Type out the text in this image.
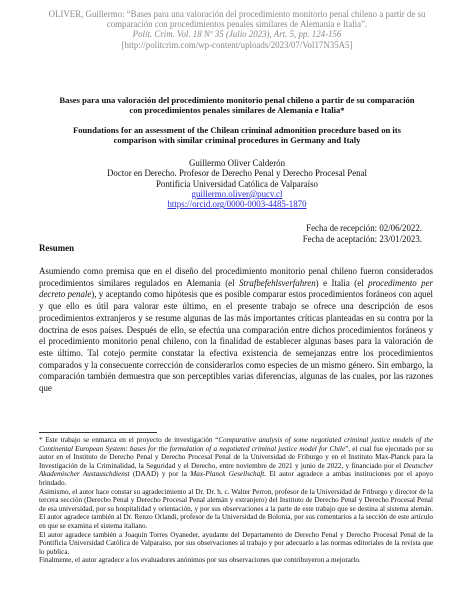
OLIVER, Guillermo: “Bases para una valoración del procedimiento monitorio penal chileno a partir de su comparación con procedimientos penales similares de Alemania e Italia”.
Polít. Crim. Vol. 18 Nº 35 (Julio 2023), Art. 5, pp. 124-156
[http://politcrim.com/wp-content/uploads/2023/07/Vol17N35A5]
Bases para una valoración del procedimiento monitorio penal chileno a partir de su comparación con procedimientos penales similares de Alemania e Italia*
Foundations for an assessment of the Chilean criminal admonition procedure based on its comparison with similar criminal procedures in Germany and Italy
Guillermo Oliver Calderón
Doctor en Derecho. Profesor de Derecho Penal y Derecho Procesal Penal
Pontificia Universidad Católica de Valparaíso
guillermo.oliver@pucv.cl
https://orcid.org/0000-0003-4485-1870
Fecha de recepción: 02/06/2022.
Fecha de aceptación: 23/01/2023.
Resumen
Asumiendo como premisa que en el diseño del procedimiento monitorio penal chileno fueron considerados procedimientos similares regulados en Alemania (el Strafbefehlsverfahren) e Italia (el procedimento per decreto penale), y aceptando como hipótesis que es posible comparar estos procedimientos foráneos con aquel y que ello es útil para valorar este último, en el presente trabajo se ofrece una descripción de esos procedimientos extranjeros y se resume algunas de las más importantes críticas planteadas en su contra por la doctrina de esos países. Después de ello, se efectúa una comparación entre dichos procedimientos foráneos y el procedimiento monitorio penal chileno, con la finalidad de establecer algunas bases para la valoración de este último. Tal cotejo permite constatar la efectiva existencia de semejanzas entre los procedimientos comparados y la consecuente corrección de considerarlos como especies de un mismo género. Sin embargo, la comparación también demuestra que son perceptibles varias diferencias, algunas de las cuales, por las razones que

* Este trabajo se enmarca en el proyecto de investigación “Comparative analysis of some negotiated criminal justice models of the Continental European System: bases for the formulation of a negotiated criminal justice model for Chile”, el cual fue ejecutado por su autor en el Instituto de Derecho Penal y Derecho Procesal Penal de la Universidad de Friburgo y en el Instituto Max-Planck para la Investigación de la Criminalidad, la Seguridad y el Derecho, entre noviembre de 2021 y junio de 2022, y financiado por el Deutscher Akademischer Austauschdienst (DAAD) y por la Max-Planck Gesellschaft. El autor agradece a ambas instituciones por el apoyo brindado.

Asimismo, el autor hace constar su agradecimiento al Dr. Dr. h. c. Walter Perron, profesor de la Universidad de Friburgo y director de la tercera sección (Derecho Penal y Derecho Procesal Penal alemán y extranjero) del Instituto de Derecho Penal y Derecho Procesal Penal de esa universidad, por su hospitalidad y orientación, y por sus observaciones a la parte de este trabajo que se destina al sistema alemán. El autor agradece también al Dr. Renzo Orlandi, profesor de la Universidad de Bolonia, por sus comentarios a la sección de este artículo en que se examina el sistema italiano.

El autor agradece también a Joaquín Torres Oyaneder, ayudante del Departamento de Derecho Penal y Derecho Procesal Penal de la Pontificia Universidad Católica de Valparaíso, por sus observaciones al trabajo y por adecuarlo a las normas editoriales de la revista que lo publica.

Finalmente, el autor agradece a los evaluadores anónimos por sus observaciones que contribuyeron a mejorarlo.
